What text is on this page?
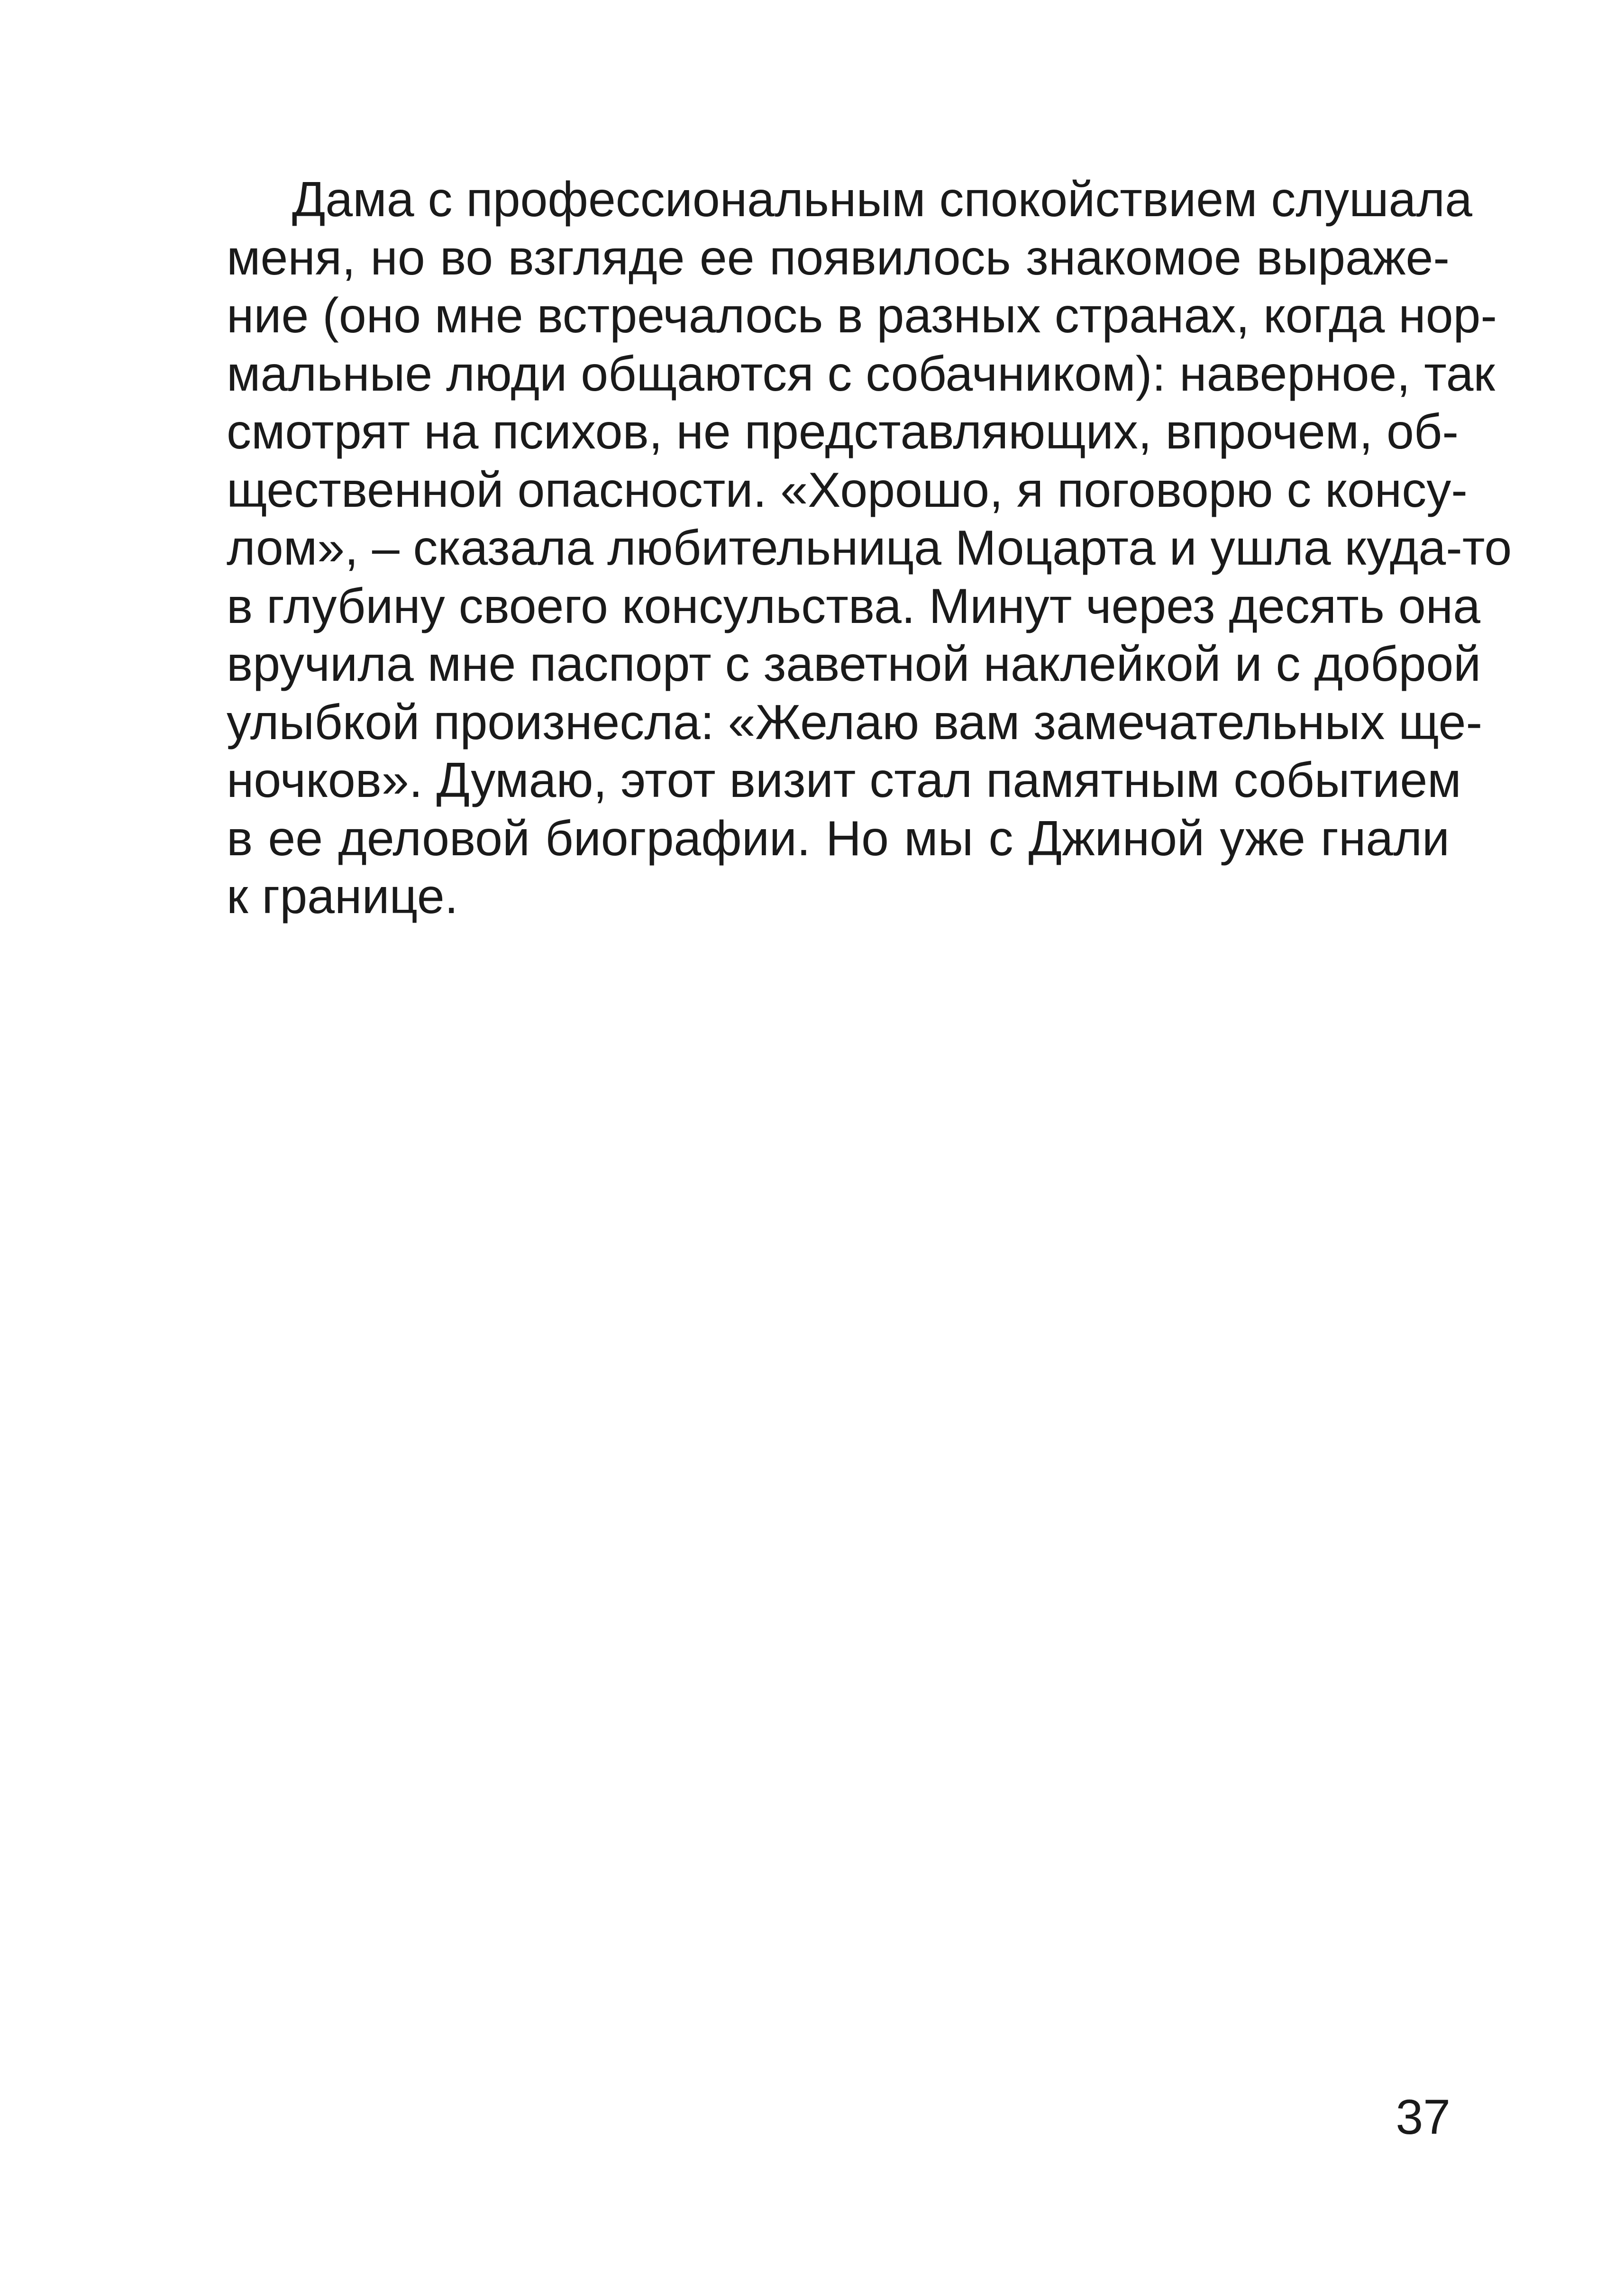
Дама с профессиональным спокойствием слушала
меня, но во взгляде ее появилось знакомое выраже-
ние (оно мне встречалось в разных странах, когда нор-
мальные люди общаются с собачником): наверное, так
смотрят на психов, не представляющих, впрочем, об-
щественной опасности. «Хорошо, я поговорю с консу-
лом», – сказала любительница Моцарта и ушла куда-то
в глубину своего консульства. Минут через десять она
вручила мне паспорт с заветной наклейкой и с доброй
улыбкой произнесла: «Желаю вам замечательных ще-
ночков». Думаю, этот визит стал памятным событием
в ее деловой биографии. Но мы с Джиной уже гнали
к границе.
37
